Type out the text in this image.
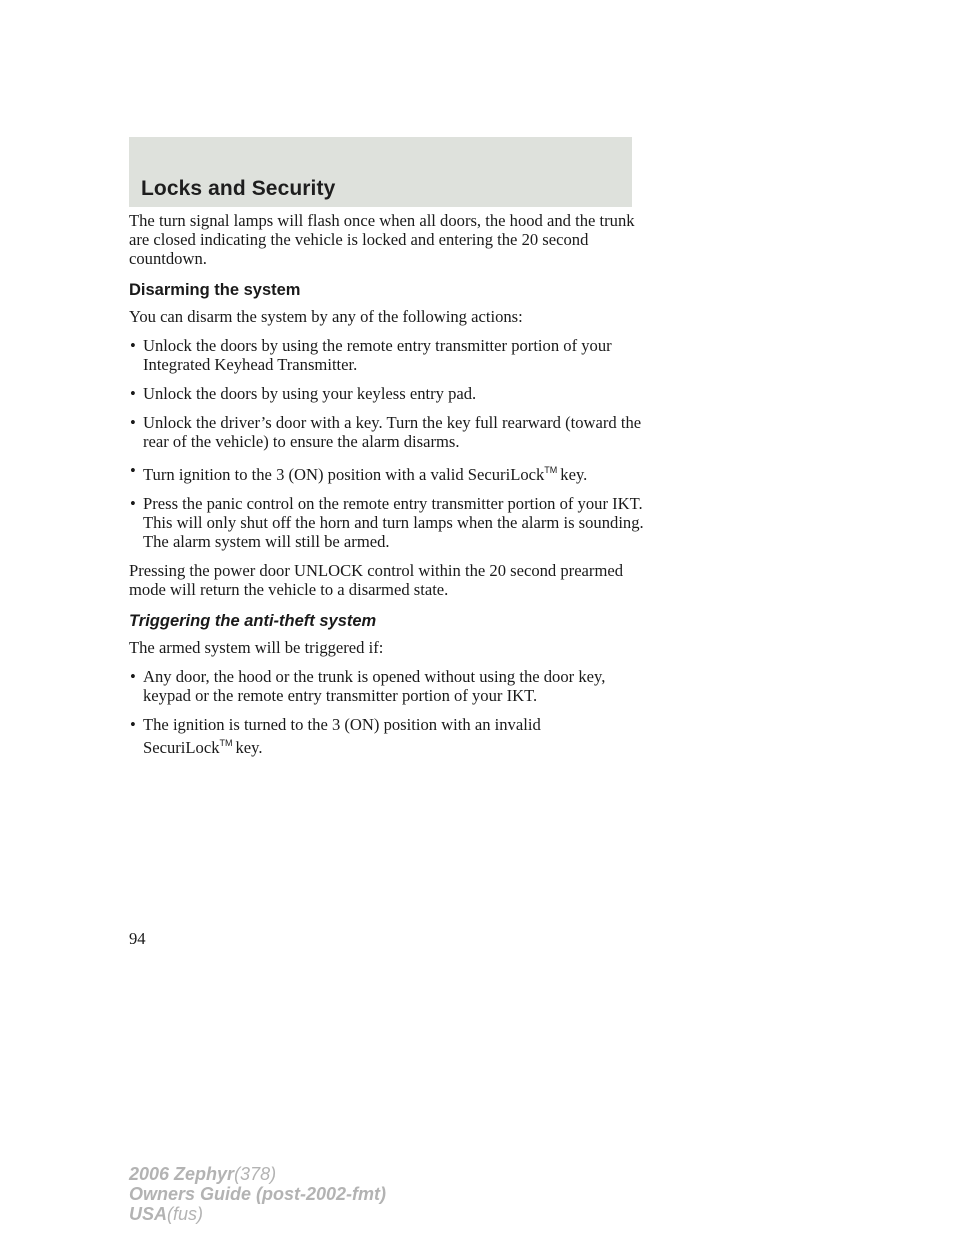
Locks and Security

The turn signal lamps will flash once when all doors, the hood and the trunk are closed indicating the vehicle is locked and entering the 20 second countdown.

Disarming the system

You can disarm the system by any of the following actions:

• Unlock the doors by using the remote entry transmitter portion of your Integrated Keyhead Transmitter.
• Unlock the doors by using your keyless entry pad.
• Unlock the driver’s door with a key. Turn the key full rearward (toward the rear of the vehicle) to ensure the alarm disarms.
• Turn ignition to the 3 (ON) position with a valid SecuriLock™ key.
• Press the panic control on the remote entry transmitter portion of your IKT. This will only shut off the horn and turn lamps when the alarm is sounding. The alarm system will still be armed.

Pressing the power door UNLOCK control within the 20 second prearmed mode will return the vehicle to a disarmed state.

Triggering the anti-theft system

The armed system will be triggered if:

• Any door, the hood or the trunk is opened without using the door key, keypad or the remote entry transmitter portion of your IKT.
• The ignition is turned to the 3 (ON) position with an invalid SecuriLock™ key.
94
2006 Zephyr(378)
Owners Guide (post-2002-fmt)
USA(fus)
